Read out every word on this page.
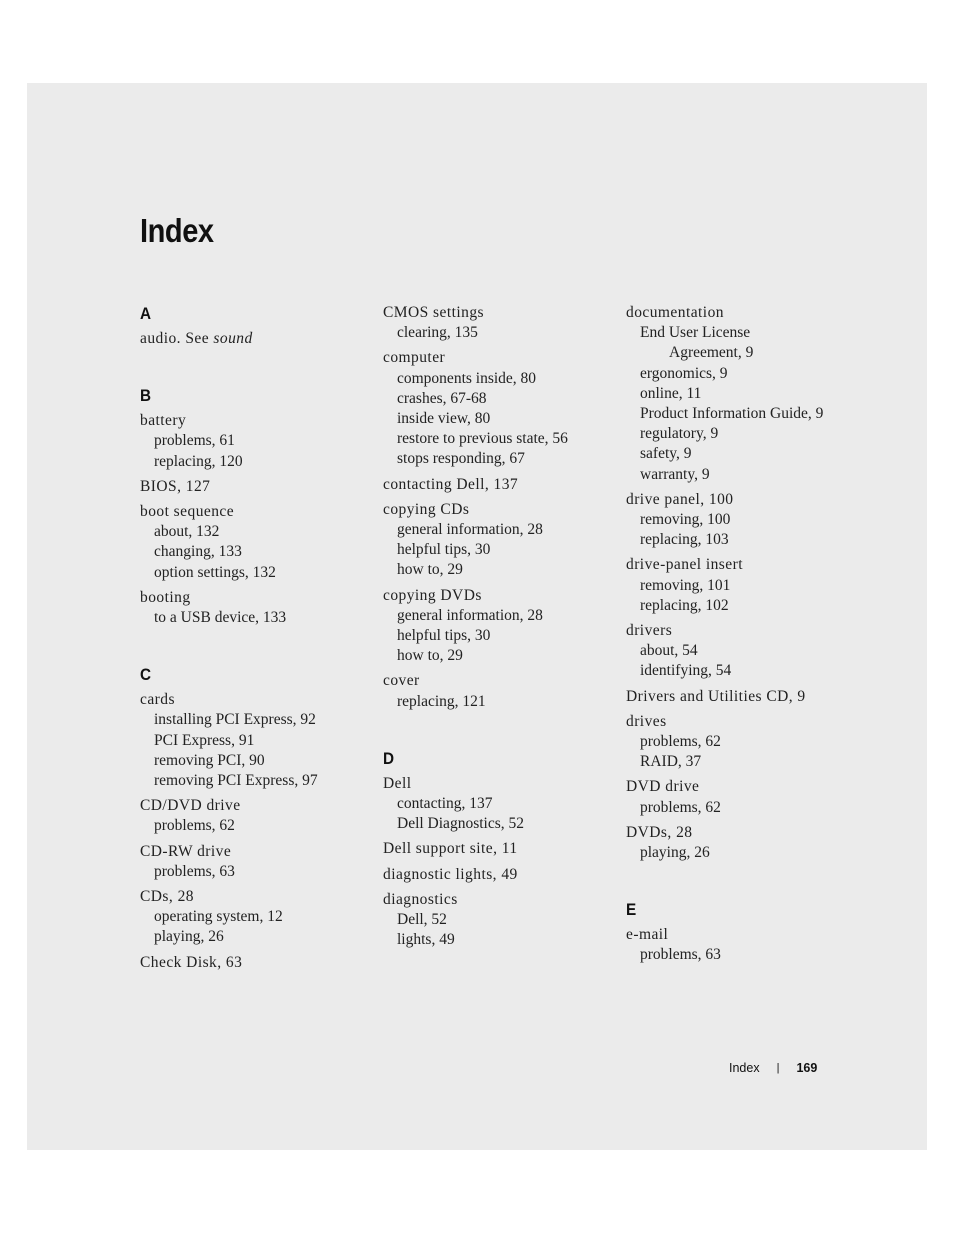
Index
A
audio. See sound
B
battery
problems, 61
replacing, 120
BIOS, 127
boot sequence
about, 132
changing, 133
option settings, 132
booting
to a USB device, 133
C
cards
installing PCI Express, 92
PCI Express, 91
removing PCI, 90
removing PCI Express, 97
CD/DVD drive
problems, 62
CD-RW drive
problems, 63
CDs, 28
operating system, 12
playing, 26
Check Disk, 63
CMOS settings
clearing, 135
computer
components inside, 80
crashes, 67-68
inside view, 80
restore to previous state, 56
stops responding, 67
contacting Dell, 137
copying CDs
general information, 28
helpful tips, 30
how to, 29
copying DVDs
general information, 28
helpful tips, 30
how to, 29
cover
replacing, 121
D
Dell
contacting, 137
Dell Diagnostics, 52
Dell support site, 11
diagnostic lights, 49
diagnostics
Dell, 52
lights, 49
documentation
End User License
Agreement, 9
ergonomics, 9
online, 11
Product Information Guide, 9
regulatory, 9
safety, 9
warranty, 9
drive panel, 100
removing, 100
replacing, 103
drive-panel insert
removing, 101
replacing, 102
drivers
about, 54
identifying, 54
Drivers and Utilities CD, 9
drives
problems, 62
RAID, 37
DVD drive
problems, 62
DVDs, 28
playing, 26
E
e-mail
problems, 63
Index | 169
